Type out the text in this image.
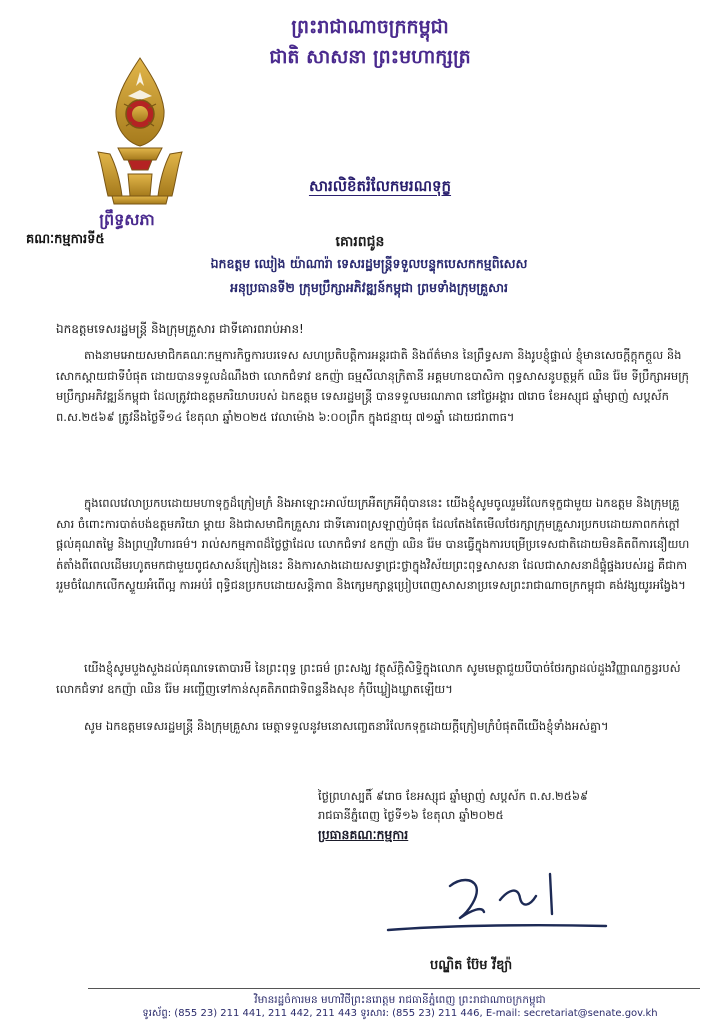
ព្រះរាជាណាចក្រកម្ពុជា
ជាតិ សាសនា ព្រះមហាក្សត្រ
ព្រឹទ្ធសភា
គណៈកម្មការទី៥
សារលិខិតរំលែកមរណទុក្ខ
គោរពជូន
ឯកឧត្តម ឈៀង យ៉ាណារ៉ា ទេសរដ្ឋមន្ត្រីទទួលបន្ទុកបេសកកម្មពិសេស
អនុប្រធានទី២ ក្រុមប្រឹក្សាអភិវឌ្ឍន៍កម្ពុជា ព្រមទាំងក្រុមគ្រួសារ
ឯកឧត្តមទេសរដ្ឋមន្ត្រី និងក្រុមគ្រួសារ ជាទីគោរពរាប់អាន!

តាងនាមអោយសមាជិកគណៈកម្មការកិច្ចការបរទេស សហប្រតិបត្តិការអន្តរជាតិ និងព័ត៌មាន នៃព្រឹទ្ធសភា និងរូបខ្ញុំផ្ទាល់ ខ្ញុំមានសេចក្តីក្តុកក្តួល និងសោកស្តាយជាទីបំផុត ដោយបានទទួលដំណឹងថា លោកជំទាវ ឧកញ៉ា ធម្មសីលានុក្រិតានី អគ្គមហាឧបាសិកា ពុទ្ធសាសនូបត្ថម្ភក៍ ឈិន រ៉ែម ទីប្រឹក្សាអមក្រុមប្រឹក្សាអភិវឌ្ឍន៍កម្ពុជា ដែលត្រូវជាឧត្តមភរិយាបរបស់ ឯកឧត្តម ទេសរដ្ឋមន្ត្រី បានទទួលមរណភាព នៅថ្ងៃអង្គារ ៧រោច ខែអស្សុជ ឆ្នាំម្សាញ់ សប្តស័ក ព.ស.២៥៦៩ ត្រូវនឹងថ្ងៃទី១៤ ខែតុលា ឆ្នាំ២០២៥ វេលាម៉ោង ៦:០០ព្រឹក ក្នុងជន្មាយុ ៧១ឆ្នាំ ដោយជរាពាធ។

ក្នុងពេលវេលាប្រកបដោយមហាទុក្ខដ៏ក្រៀមក្រំ និងអាឡោះអាល័យក្រអឺតក្រអីពុំបាននេះ យើងខ្ញុំសូមចូលរួមរំលែកទុក្ខជាមួយ ឯកឧត្តម និងក្រុមគ្រួសារ ចំពោះការបាត់បង់ឧត្តមភរិយា ម្តាយ និងជាសមាជិកគ្រួសារ ជាទីគោរពស្រឡាញ់បំផុត ដែលតែងតែមើលថែរក្សាក្រុមគ្រួសារប្រកបដោយភាពកក់ក្តៅ ផ្តល់គុណតម្លៃ និងព្រហ្មវិហារធម៌។ រាល់សកម្មភាពដ៏ថ្លៃថ្លាដែល លោកជំទាវ ឧកញ៉ា ឈិន រ៉ែម បានធ្វើក្នុងការបម្រើប្រទេសជាតិដោយមិនគិតពីការនឿយហត់តាំងពីពេលដើមរហូតមកជាមួយពូជសាសន៍ក្រៀងនេះ និងការសាងដោយសទ្ធាជ្រះថ្លាក្នុងវិស័យព្រះពុទ្ធសាសនា ដែលជាសាសនាដ៏ផ្ទុំផ្ទងរបស់រដ្ឋ គឺជាការរួមចំណែកលើកស្ទួយអំពើល្អ ការអប់រំ ពុទ្ធិជនប្រកបដោយសន្តិភាព និងក្សេមក្សាន្តប្រៀបពេញសាសនាប្រទេសព្រះរាជាណាចក្រកម្ពុជា គង់វង្សយូរអង្វែង។

យើងខ្ញុំសូមបួងសួងដល់គុណទេតោបារមី នៃព្រះពុទ្ធ ព្រះធម៌ ព្រះសង្ឃ វត្ថុស័ក្តិសិទ្ធិក្នុងលោក សូមមេត្តាជួយបីបាច់ថែរក្សាដល់ដួងវិញ្ញាណក្ខន្ធរបស់ លោកជំទាវ ឧកញ៉ា ឈិន រ៉ែម អញ្ជើញទៅកាន់សុគតិភពជាទិពន្ទនឹងសុខ កុំបីឃ្លៀងឃ្លាតឡើយ។

សូម ឯកឧត្តមទេសរដ្ឋមន្ត្រី និងក្រុមគ្រួសារ មេត្តាទទួលនូវមនោសញ្ចេតនារំលែកទុក្ខដោយក្តីក្រៀមក្រំបំផុតពីយើងខ្ញុំទាំងអស់គ្នា។

ថ្ងៃព្រហស្បតិ៍ ៩រោច ខែអស្សុជ ឆ្នាំម្សាញ់ សប្តស័ក ព.ស.២៥៦៩
រាជធានីភ្នំពេញ ថ្ងៃទី១៦ ខែតុលា ឆ្នាំ២០២៥
ប្រធានគណៈកម្មការ
បណ្ឌិត ប៊ែម វីឌ្យ៉ា
វិមានរដ្ឋចំការមន មហាវិថីព្រះនរោត្តម រាជធានីភ្នំពេញ ព្រះរាជាណាចក្រកម្ពុជា
ទូរស័ព្ទ: (855 23) 211 441, 211 442, 211 443 ទូរសារ: (855 23) 211 446, E-mail: secretariat@senate.gov.kh
